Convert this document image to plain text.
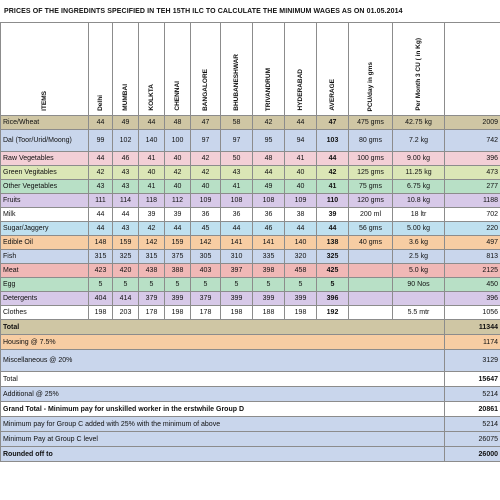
PRICES OF THE INGREDINTS SPECIFIED IN TEH 15TH ILC TO CALCULATE THE MINIMUM WAGES AS ON 01.05.2014
ITEMS	Delhi	MUMBAI	KOLKTA	CHENNAI	BANGALORE	BHUBANESHWAR	TRIVANDRUM	HYDERABAD	AVERAGE	PCU/day in gms	Per Month 3 CU ( in Kg)	

Rice/Wheat	44	49	44	48	47	58	42	44	47	475 gms	42.75 kg	2009
Dal (Toor/Urid/Moong)	99	102	140	100	97	97	95	94	103	80 gms	7.2 kg	742
Raw Vegetables	44	46	41	40	42	50	48	41	44	100 gms	9.00 kg	396
Green Vegitables	42	43	40	42	42	43	44	40	42	125 gms	11.25 kg	473
Other Vegetables	43	43	41	40	40	41	49	40	41	75 gms	6.75 kg	277
Fruits	111	114	118	112	109	108	108	109	110	120 gms	10.8 kg	1188
Milk	44	44	39	39	36	36	36	38	39	200 ml	18 ltr	702
Sugar/Jaggery	44	43	42	44	45	44	46	44	44	56 gms	5.00 kg	220
Edible Oil	148	159	142	159	142	141	141	140	138	40 gms	3.6 kg	497
Fish	315	325	315	375	305	310	335	320	325		2.5 kg	813
Meat	423	420	438	388	403	397	398	458	425		5.0 kg	2125
Egg	5	5	5	5	5	5	5	5	5		90 Nos	450
Detergents	404	414	379	399	379	399	399	399	396			396
Clothes	198	203	178	198	178	198	188	198	192		5.5 mtr	1056
Total												11344
Housing @ 7.5%												1174
Miscellaneous @ 20%												3129
Total												15647
Additional @ 25%												5214
Grand Total - Minimum pay for unskilled worker in the erstwhile Group D												20861
Minimum pay for Group C added with 25% with the minimum of above												5214
Minimum Pay at Group C level												26075
Rounded off to												26000
